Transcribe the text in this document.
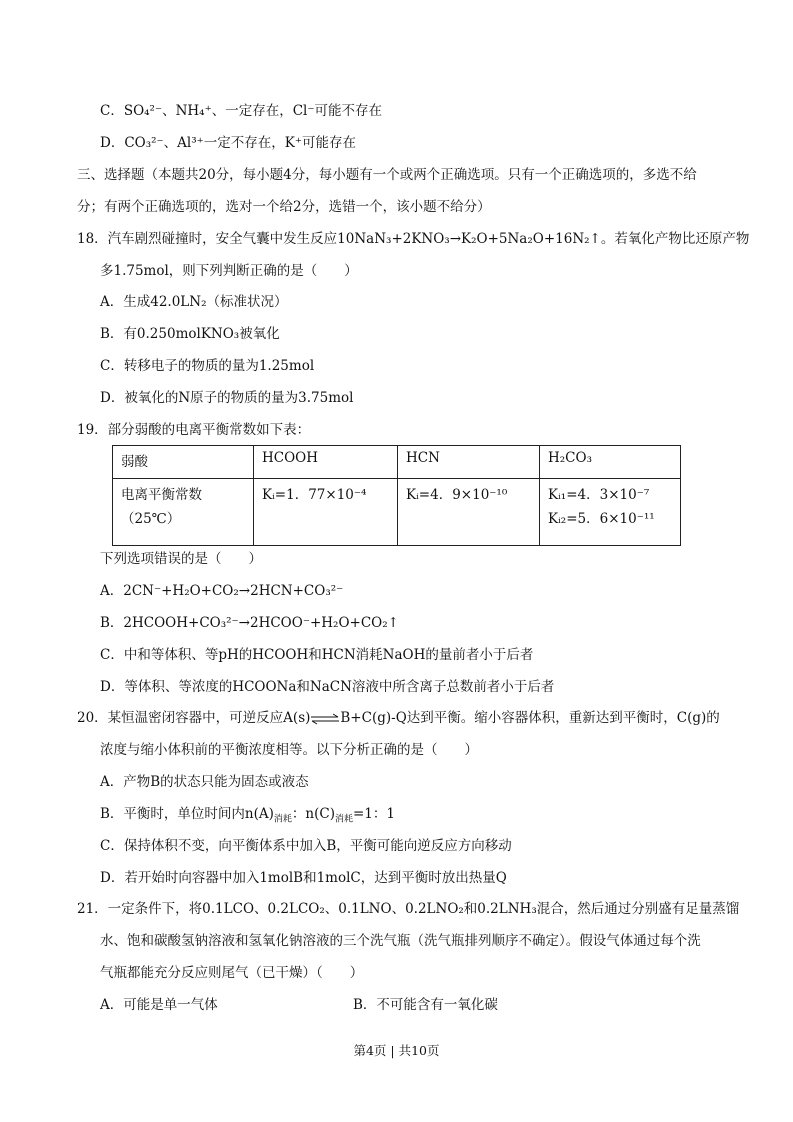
C．SO₄²⁻、NH₄⁺、一定存在，Cl⁻可能不存在
D．CO₃²⁻、Al³⁺一定不存在，K⁺可能存在
三、选择题（本题共20分，每小题4分，每小题有一个或两个正确选项。只有一个正确选项的，多选不给
分；有两个正确选项的，选对一个给2分，选错一个，该小题不给分）
18．汽车剧烈碰撞时，安全气囊中发生反应10NaN₃+2KNO₃→K₂O+5Na₂O+16N₂↑。若氧化产物比还原产物
多1.75mol，则下列判断正确的是（　　）
A．生成42.0LN₂（标准状况）
B．有0.250molKNO₃被氧化
C．转移电子的物质的量为1.25mol
D．被氧化的N原子的物质的量为3.75mol
19．部分弱酸的电离平衡常数如下表：
弱酸	HCOOH	HCN	H₂CO₃

电离平衡常数
（25℃）	Kᵢ=1．77×10⁻⁴	Kᵢ=4．9×10⁻¹⁰	Kᵢ₁=4．3×10⁻⁷
Kᵢ₂=5．6×10⁻¹¹
下列选项错误的是（　　）
A．2CN⁻+H₂O+CO₂→2HCN+CO₃²⁻
B．2HCOOH+CO₃²⁻→2HCOO⁻+H₂O+CO₂↑
C．中和等体积、等pH的HCOOH和HCN消耗NaOH的量前者小于后者
D．等体积、等浓度的HCOONa和NaCN溶液中所含离子总数前者小于后者
20．某恒温密闭容器中，可逆反应A(s)⇌B+C(g)-Q达到平衡。缩小容器体积，重新达到平衡时，C(g)的
浓度与缩小体积前的平衡浓度相等。以下分析正确的是（　　）
A．产物B的状态只能为固态或液态
B．平衡时，单位时间内$n(A)_{消耗}$：$n(C)_{消耗}=1$：1
C．保持体积不变，向平衡体系中加入B，平衡可能向逆反应方向移动
D．若开始时向容器中加入1molB和1molC，达到平衡时放出热量Q
21．一定条件下，将0.1LCO、0.2LCO₂、0.1LNO、0.2LNO₂和0.2LNH₃混合，然后通过分别盛有足量蒸馏
水、饱和碳酸氢钠溶液和氢氧化钠溶液的三个洗气瓶（洗气瓶排列顺序不确定）。假设气体通过每个洗
气瓶都能充分反应则尾气（已干燥）（　　）
A．可能是单一气体	B．不可能含有一氧化碳
第4页 | 共10页
